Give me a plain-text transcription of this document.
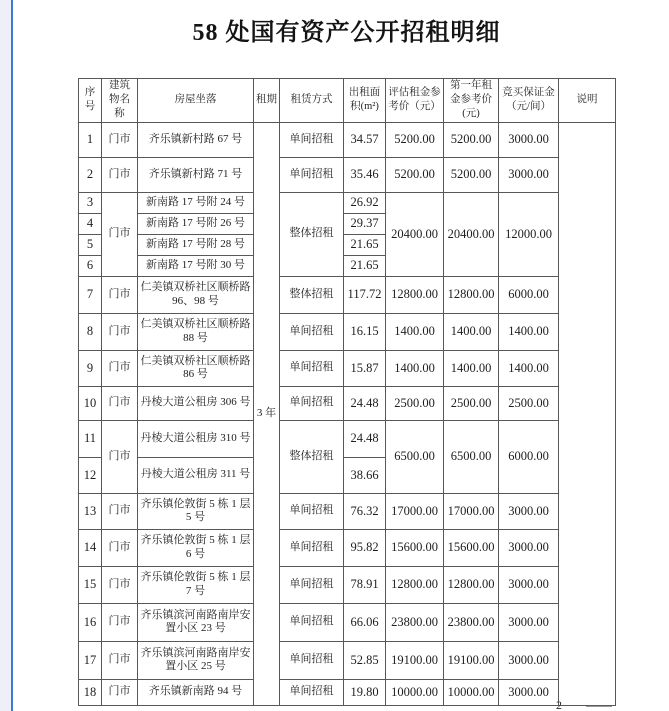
58 处国有资产公开招租明细
序号	建筑物名称	房屋坐落	租期	租赁方式	出租面积(m²)	评估租金参考价（元）	第一年租金参考价(元)	竞买保证金（元/间）	说明
1	门市	齐乐镇新村路 67 号	3 年	单间招租	34.57	5200.00	5200.00	3000.00	
2	门市	齐乐镇新村路 71 号		单间招租	35.46	5200.00	5200.00	3000.00	
3	门市	新南路 17 号附 24 号		整体招租	26.92	20400.00	20400.00	12000.00	
4		新南路 17 号附 26 号			29.37				
5		新南路 17 号附 28 号			21.65				
6		新南路 17 号附 30 号			21.65				
7	门市	仁美镇双桥社区顺桥路 96、98 号		整体招租	117.72	12800.00	12800.00	6000.00	
8	门市	仁美镇双桥社区顺桥路 88 号		单间招租	16.15	1400.00	1400.00	1400.00	
9	门市	仁美镇双桥社区顺桥路 86 号		单间招租	15.87	1400.00	1400.00	1400.00	
10	门市	丹棱大道公租房 306 号		单间招租	24.48	2500.00	2500.00	2500.00	
11	门市	丹棱大道公租房 310 号		整体招租	24.48	6500.00	6500.00	6000.00	
12		丹棱大道公租房 311 号			38.66				
13	门市	齐乐镇伦敦街 5 栋 1 层 5 号		单间招租	76.32	17000.00	17000.00	3000.00	
14	门市	齐乐镇伦敦街 5 栋 1 层 6 号		单间招租	95.82	15600.00	15600.00	3000.00	
15	门市	齐乐镇伦敦街 5 栋 1 层 7 号		单间招租	78.91	12800.00	12800.00	3000.00	
16	门市	齐乐镇滨河南路南岸安置小区 23 号		单间招租	66.06	23800.00	23800.00	3000.00	
17	门市	齐乐镇滨河南路南岸安置小区 25 号		单间招租	52.85	19100.00	19100.00	3000.00	
18	门市	齐乐镇新南路 94 号		单间招租	19.80	10000.00	10000.00	3000.00	
2
